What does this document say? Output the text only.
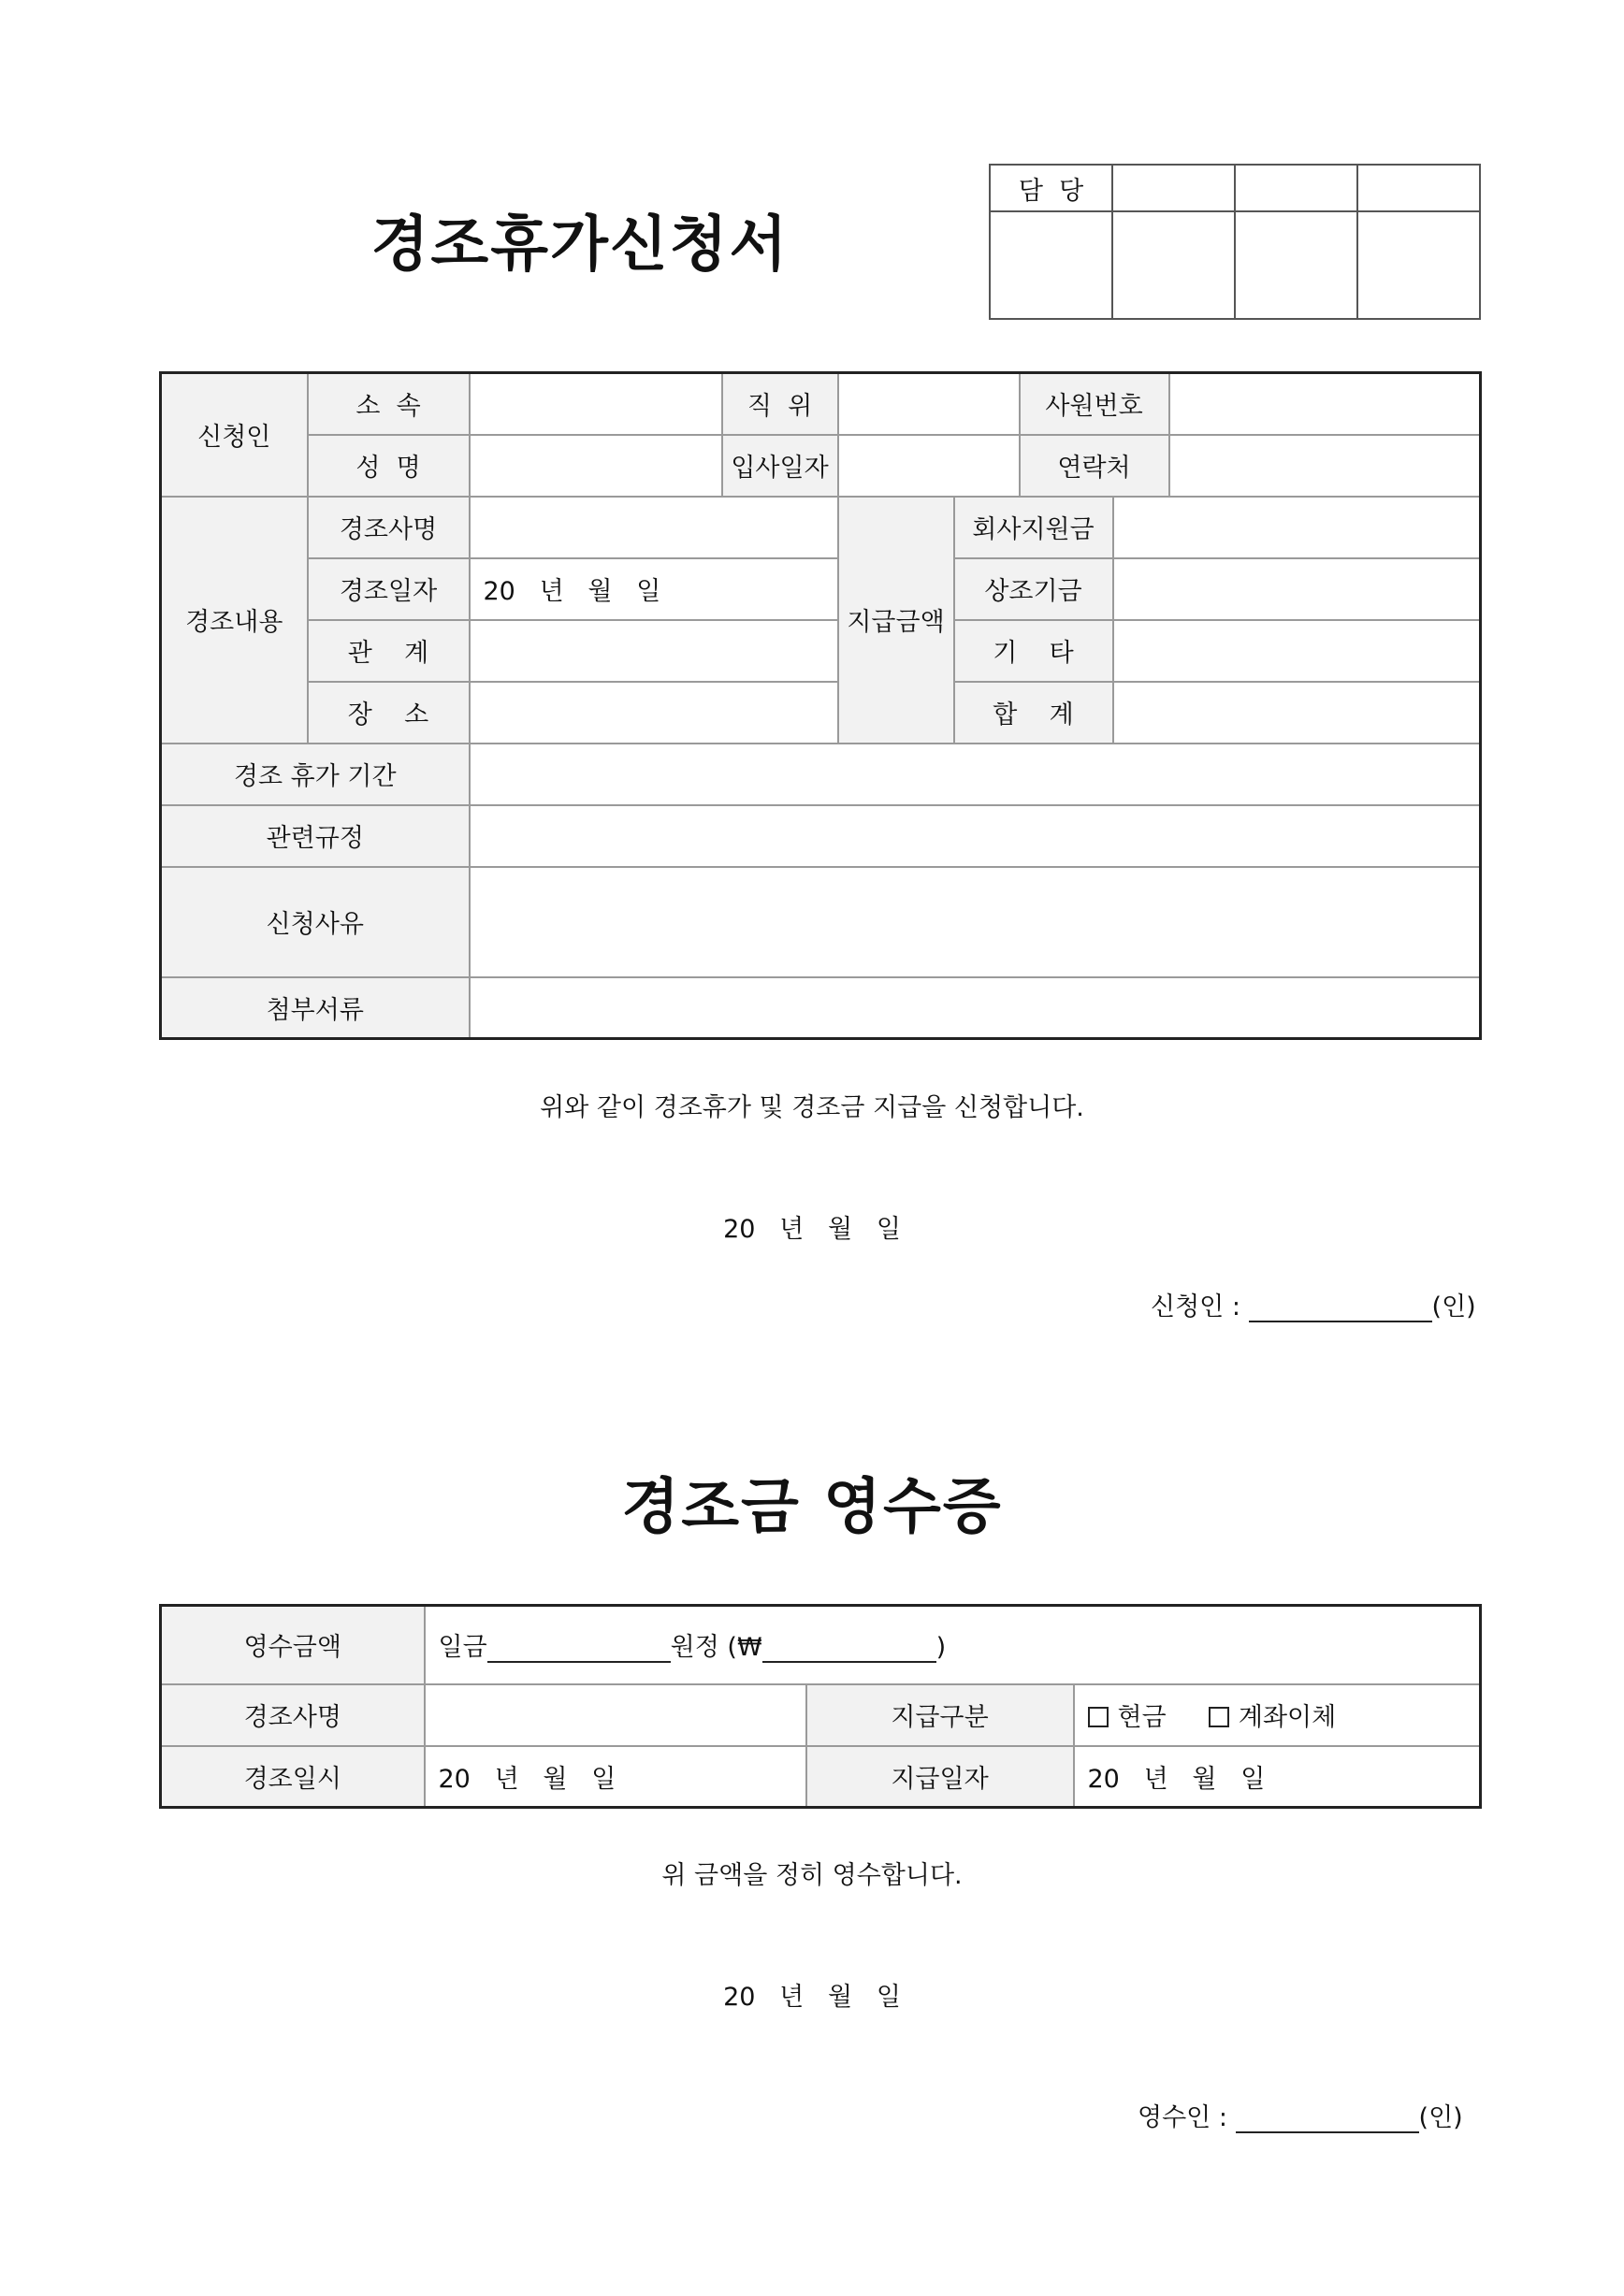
경조휴가신청서
담  당			

신청인	소  속		직  위			사원번호		
	성  명		입사일자			연락처		
경조내용	경조사명			지급금액	회사지원금			
	경조일자	20   년   월   일			상조기금			
	관    계				기    타			
	장    소				합    계			
경조 휴가 기간								
관련규정								
신청사유								
첨부서류								
위와 같이 경조휴가 및 경조금 지급을 신청합니다.
20   년   월   일
신청인 :	(인)
경조금 영수증
영수금액	일금 원정 (₩ )		
경조사명		지급구분	현금 계좌이체
경조일시	20   년   월   일	지급일자	20   년   월   일
위 금액을 정히 영수합니다.
20   년   월   일
영수인 :	(인)
